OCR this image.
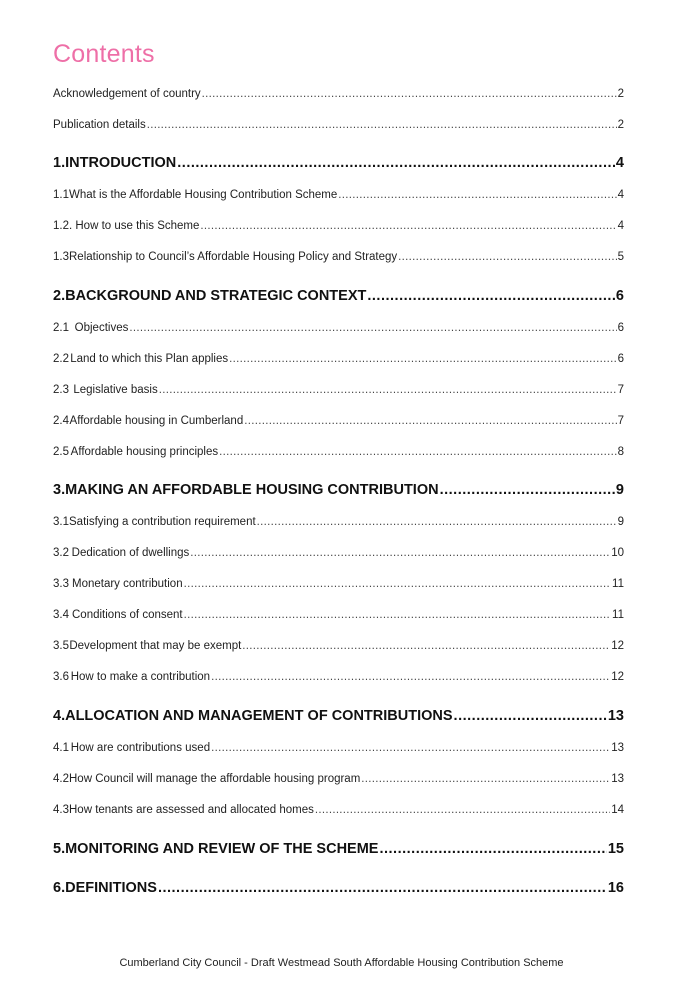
Contents
Acknowledgement of country .....	2
Publication details .....	2
1. INTRODUCTION .....	4
1.1 What is the Affordable Housing Contribution Scheme .....	4
1.2. How to use this Scheme .....	4
1.3 Relationship to Council’s Affordable Housing Policy and Strategy .....	5
2. BACKGROUND AND STRATEGIC CONTEXT .....	6
2.1 Objectives .....	6
2.2 Land to which this Plan applies .....	6
2.3 Legislative basis .....	7
2.4 Affordable housing in Cumberland .....	7
2.5 Affordable housing principles .....	8
3. MAKING AN AFFORDABLE HOUSING CONTRIBUTION .....	9
3.1 Satisfying a contribution requirement .....	9
3.2 Dedication of dwellings .....	10
3.3 Monetary contribution .....	11
3.4 Conditions of consent .....	11
3.5 Development that may be exempt .....	12
3.6 How to make a contribution .....	12
4. ALLOCATION AND MANAGEMENT OF CONTRIBUTIONS .....	13
4.1 How are contributions used .....	13
4.2 How Council will manage the affordable housing program .....	13
4.3 How tenants are assessed and allocated homes .....	14
5. MONITORING AND REVIEW OF THE SCHEME .....	15
6. DEFINITIONS .....	16
Cumberland City Council - Draft Westmead South Affordable Housing Contribution Scheme
